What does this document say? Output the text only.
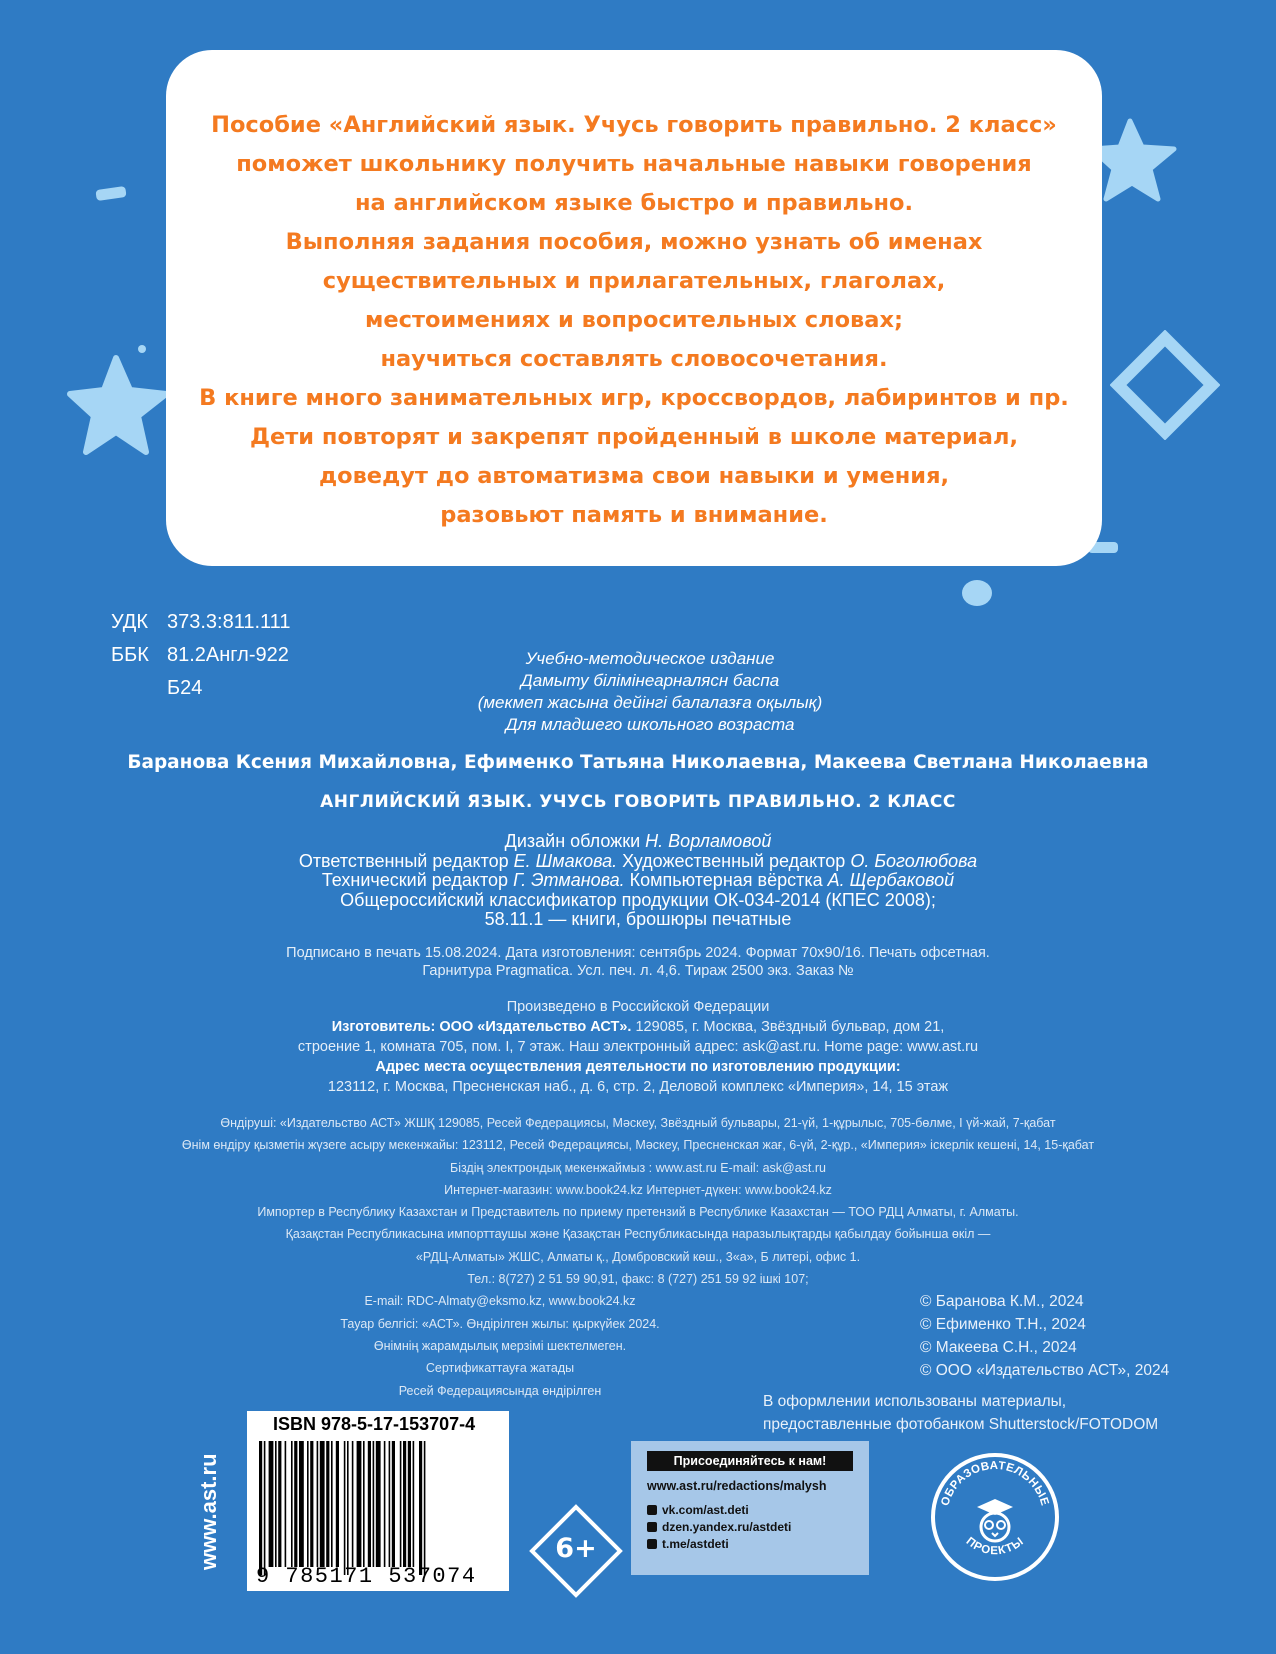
Пособие «Английский язык. Учусь говорить правильно. 2 класс»
поможет школьнику получить начальные навыки говорения
на английском языке быстро и правильно.
Выполняя задания пособия, можно узнать об именах
существительных и прилагательных, глаголах,
местоимениях и вопросительных словах;
научиться составлять словосочетания.
В книге много занимательных игр, кроссвордов, лабиринтов и пр.
Дети повторят и закрепят пройденный в школе материал,
доведут до автоматизма свои навыки и умения,
разовьют память и внимание.
УДК 373.3:811.111
ББК 81.2Англ-922
Б24
Учебно-методическое издание
Дамыту білімінеарналяcн баспа
(мекмеп жасына дейінгі балалазға оқылық)
Для младшего школьного возраста
Баранова Ксения Михайловна, Ефименко Татьяна Николаевна, Макеева Светлана Николаевна
АНГЛИЙСКИЙ ЯЗЫК. УЧУСЬ ГОВОРИТЬ ПРАВИЛЬНО. 2 КЛАСС
Дизайн обложки Н. Ворламовой
Ответственный редактор Е. Шмакова. Художественный редактор О. Боголюбова
Технический редактор Г. Этманова. Компьютерная вёрстка А. Щербаковой
Общероссийский классификатор продукции ОК-034-2014 (КПЕС 2008);
58.11.1 — книги, брошюры печатные
Подписано в печать 15.08.2024. Дата изготовления: сентябрь 2024. Формат 70х90/16. Печать офсетная.
Гарнитура Pragmatica. Усл. печ. л. 4,6. Тираж 2500 экз. Заказ №
Произведено в Российской Федерации
Изготовитель: ООО «Издательство АСТ». 129085, г. Москва, Звёздный бульвар, дом 21,
строение 1, комната 705, пом. I, 7 этаж. Наш электронный адрес: ask@ast.ru. Home page: www.ast.ru
Адрес места осуществления деятельности по изготовлению продукции:
123112, г. Москва, Пресненская наб., д. 6, стр. 2, Деловой комплекс «Империя», 14, 15 этаж
Өндіруші: «Издательство АСТ» ЖШҚ 129085, Ресей Федерациясы, Мәскеу, Звёздный бульвары, 21-үй, 1-құрылыс, 705-бөлме, I үй-жай, 7-қабат
Өнім өндіру қызметін жүзеге асыру мекенжайы: 123112, Ресей Федерациясы, Мәскеу, Пресненская жағ, 6-үй, 2-құр., «Империя» іскерлік кешені, 14, 15-қабат
Біздің электрондық мекенжаймыз : www.ast.ru E-mail: ask@ast.ru
Интернет-магазин: www.book24.kz Интернет-дүкен: www.book24.kz
Импортер в Республику Казахстан и Представитель по приему претензий в Республике Казахстан — ТОО РДЦ Алматы, г. Алматы.
Қазақстан Республикасына импорттаушы және Қазақстан Республикасында наразылықтарды қабылдау бойынша өкіл —
«РДЦ-Алматы» ЖШС, Алматы қ., Домбровский көш., 3«а», Б литері, офис 1.
Тел.: 8(727) 2 51 59 90,91, факс: 8 (727) 251 59 92 ішкі 107;
E-mail: RDC-Almaty@eksmo.kz, www.book24.kz
Тауар белгісі: «АСТ». Өндірілген жылы: қыркүйек 2024.
Өнімнің жарамдылық мерзімі шектелмеген.
Сертификаттауға жатады
Ресей Федерациясында өндірілген
© Баранова К.М., 2024
© Ефименко Т.Н., 2024
© Макеева С.Н., 2024
© ООО «Издательство АСТ», 2024
В оформлении использованы материалы,
предоставленные фотобанком Shutterstock/FOTODOM
www.ast.ru
ISBN 978-5-17-153707-4
9 785171 537074
6+
Присоединяйтесь к нам!
www.ast.ru/redactions/malysh
vk.com/ast.deti
dzen.yandex.ru/astdeti
t.me/astdeti
ОБРАЗОВАТЕЛЬНЫЕ
ПРОЕКТЫ
